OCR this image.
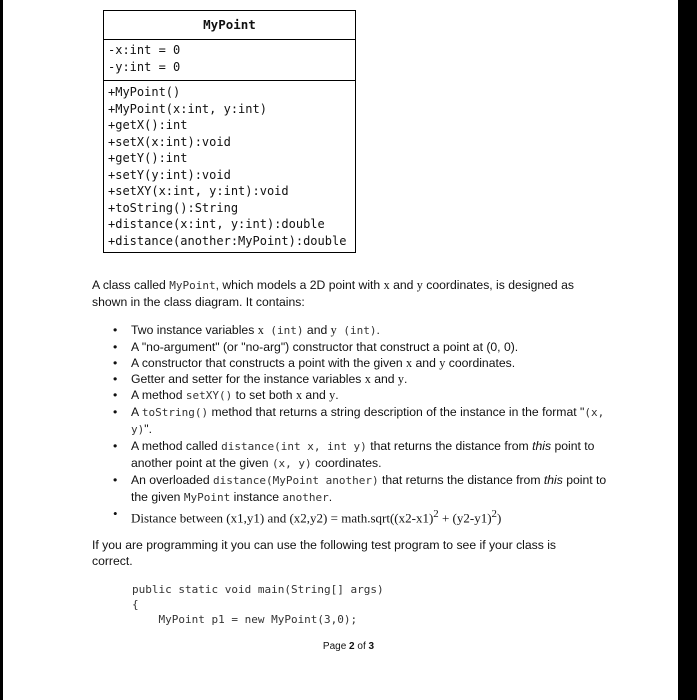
MyPoint
-x:int = 0
-y:int = 0
+MyPoint()
+MyPoint(x:int, y:int)
+getX():int
+setX(x:int):void
+getY():int
+setY(y:int):void
+setXY(x:int, y:int):void
+toString():String
+distance(x:int, y:int):double
+distance(another:MyPoint):double
A class called MyPoint, which models a 2D point with x and y coordinates, is designed as shown in the class diagram. It contains:
• Two instance variables x (int) and y (int).
• A "no-argument" (or "no-arg") constructor that construct a point at (0, 0).
• A constructor that constructs a point with the given x and y coordinates.
• Getter and setter for the instance variables x and y.
• A method setXY() to set both x and y.
• A toString() method that returns a string description of the instance in the format "(x, y)".
• A method called distance(int x, int y) that returns the distance from this point to another point at the given (x, y) coordinates.
• An overloaded distance(MyPoint another) that returns the distance from this point to the given MyPoint instance another.
• Distance between (x1,y1) and $(x2,y2) = math.sqrt((x2-x1)^2 + (y2-y1)^2)$
If you are programming it you can use the following test program to see if your class is correct.
public static void main(String[] args)
{
MyPoint p1 = new MyPoint(3,0);
Page 2 of 3
